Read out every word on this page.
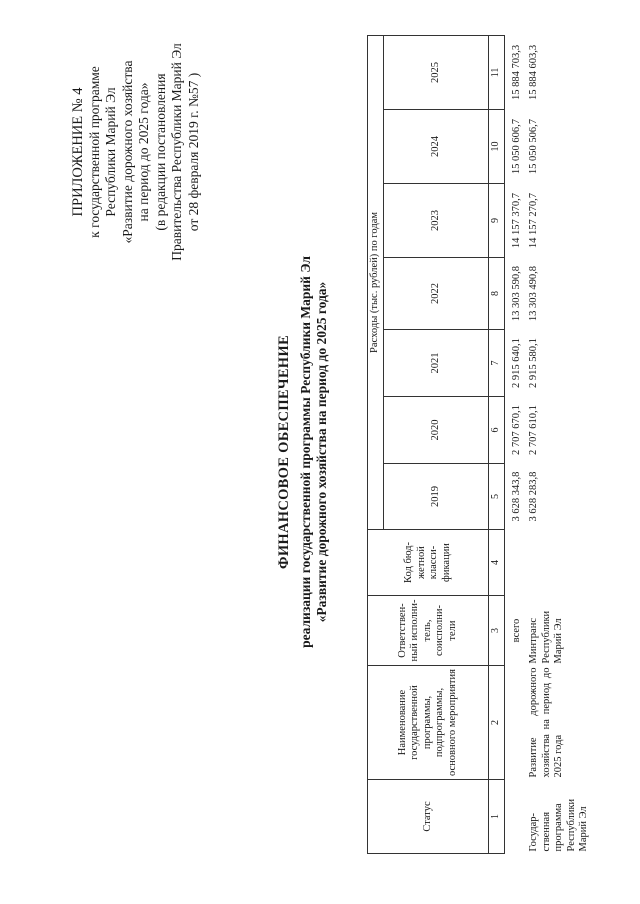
ПРИЛОЖЕНИЕ № 4 к государственной программе Республики Марий Эл «Развитие дорожного хозяйства на период до 2025 года» (в редакции постановления Правительства Республики Марий Эл от 28 февраля 2019 г. №57 )
ФИНАНСОВОЕ ОБЕСПЕЧЕНИЕ реализации государственной программы Республики Марий Эл «Развитие дорожного хозяйства на период до 2025 года»
Статус	Наименование государственной программы, подпрограммы, основного мероприятия	Ответствен-ный исполни-тель, соисполни-тели	Код бюд-жетной класси-фикации	Расходы (тыс. рублей) по годам						
				2019	2020	2021	2022	2023	2024	2025
1	2	3	4	5	6	7	8	9	10	11
		всего		3 628 343,8	2 707 670,1	2 915 640,1	13 303 590,8	14 157 370,7	15 050 606,7	15 884 703,3
Государ-ственная программа Республики Марий Эл	Развитие дорожного хозяйства на период до 2025 года	Минтранс Республики Марий Эл		3 628 283,8	2 707 610,1	2 915 580,1	13 303 490,8	14 157 270,7	15 050 506,7	15 884 603,3
